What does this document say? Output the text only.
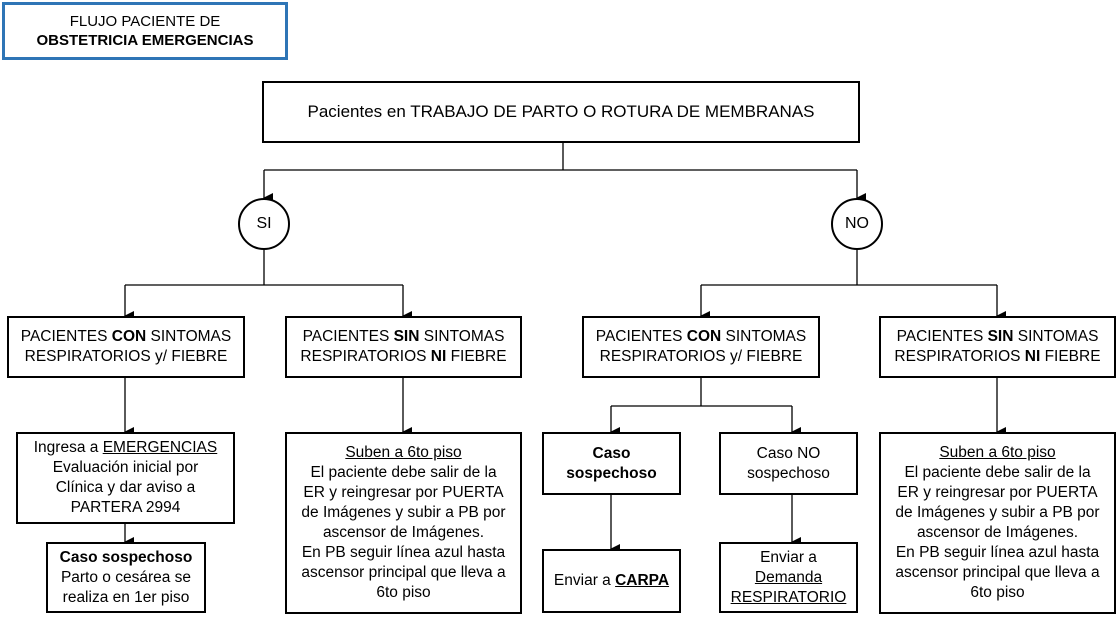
FLUJO PACIENTE DE
OBSTETRICIA EMERGENCIAS
Pacientes en TRABAJO DE PARTO O ROTURA DE MEMBRANAS
SI	NO
PACIENTES CON SINTOMAS
RESPIRATORIOS y/ FIEBRE
PACIENTES SIN SINTOMAS
RESPIRATORIOS NI FIEBRE
PACIENTES CON SINTOMAS
RESPIRATORIOS y/ FIEBRE
PACIENTES SIN SINTOMAS
RESPIRATORIOS NI FIEBRE
Ingresa a EMERGENCIAS
Evaluación inicial por
Clínica y dar aviso a
PARTERA 2994
Caso sospechoso
Parto o cesárea se
realiza en 1er piso
Suben a 6to piso
El paciente debe salir de la
ER y reingresar por PUERTA
de Imágenes y subir a PB por
ascensor de Imágenes.
En PB seguir línea azul hasta
ascensor principal que lleva a
6to piso
Caso
sospechoso
Caso NO
sospechoso
Enviar a CARPA
Enviar a
Demanda
RESPIRATORIO
Suben a 6to piso
El paciente debe salir de la
ER y reingresar por PUERTA
de Imágenes y subir a PB por
ascensor de Imágenes.
En PB seguir línea azul hasta
ascensor principal que lleva a
6to piso
